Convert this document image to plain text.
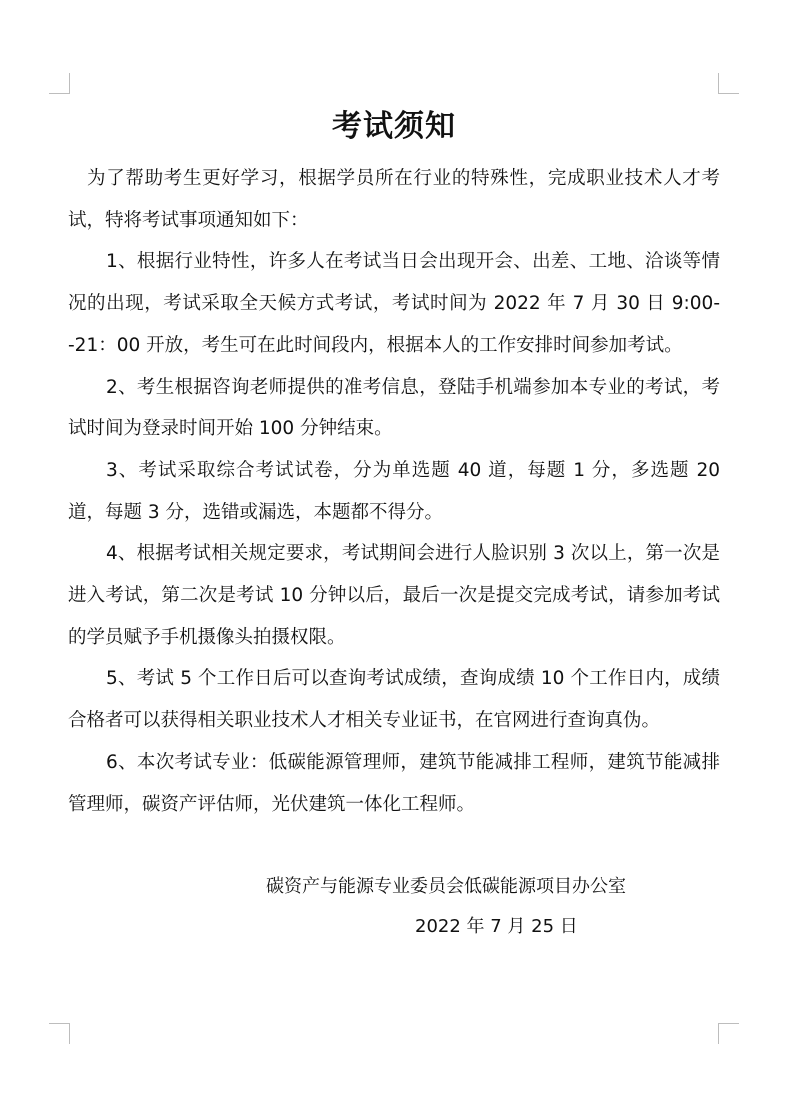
考试须知

为了帮助考生更好学习，根据学员所在行业的特殊性，完成职业技术人才考试，特将考试事项通知如下：

1、根据行业特性，许多人在考试当日会出现开会、出差、工地、洽谈等情况的出现，考试采取全天候方式考试，考试时间为 2022 年 7 月 30 日 9:00--21：00 开放，考生可在此时间段内，根据本人的工作安排时间参加考试。

2、考生根据咨询老师提供的准考信息，登陆手机端参加本专业的考试，考试时间为登录时间开始 100 分钟结束。

3、考试采取综合考试试卷，分为单选题 40 道，每题 1 分，多选题 20 道，每题 3 分，选错或漏选，本题都不得分。

4、根据考试相关规定要求，考试期间会进行人脸识别 3 次以上，第一次是进入考试，第二次是考试 10 分钟以后，最后一次是提交完成考试，请参加考试的学员赋予手机摄像头拍摄权限。

5、考试 5 个工作日后可以查询考试成绩，查询成绩 10 个工作日内，成绩合格者可以获得相关职业技术人才相关专业证书，在官网进行查询真伪。

6、本次考试专业：低碳能源管理师，建筑节能减排工程师，建筑节能减排管理师，碳资产评估师，光伏建筑一体化工程师。

碳资产与能源专业委员会低碳能源项目办公室
2022 年 7 月 25 日
